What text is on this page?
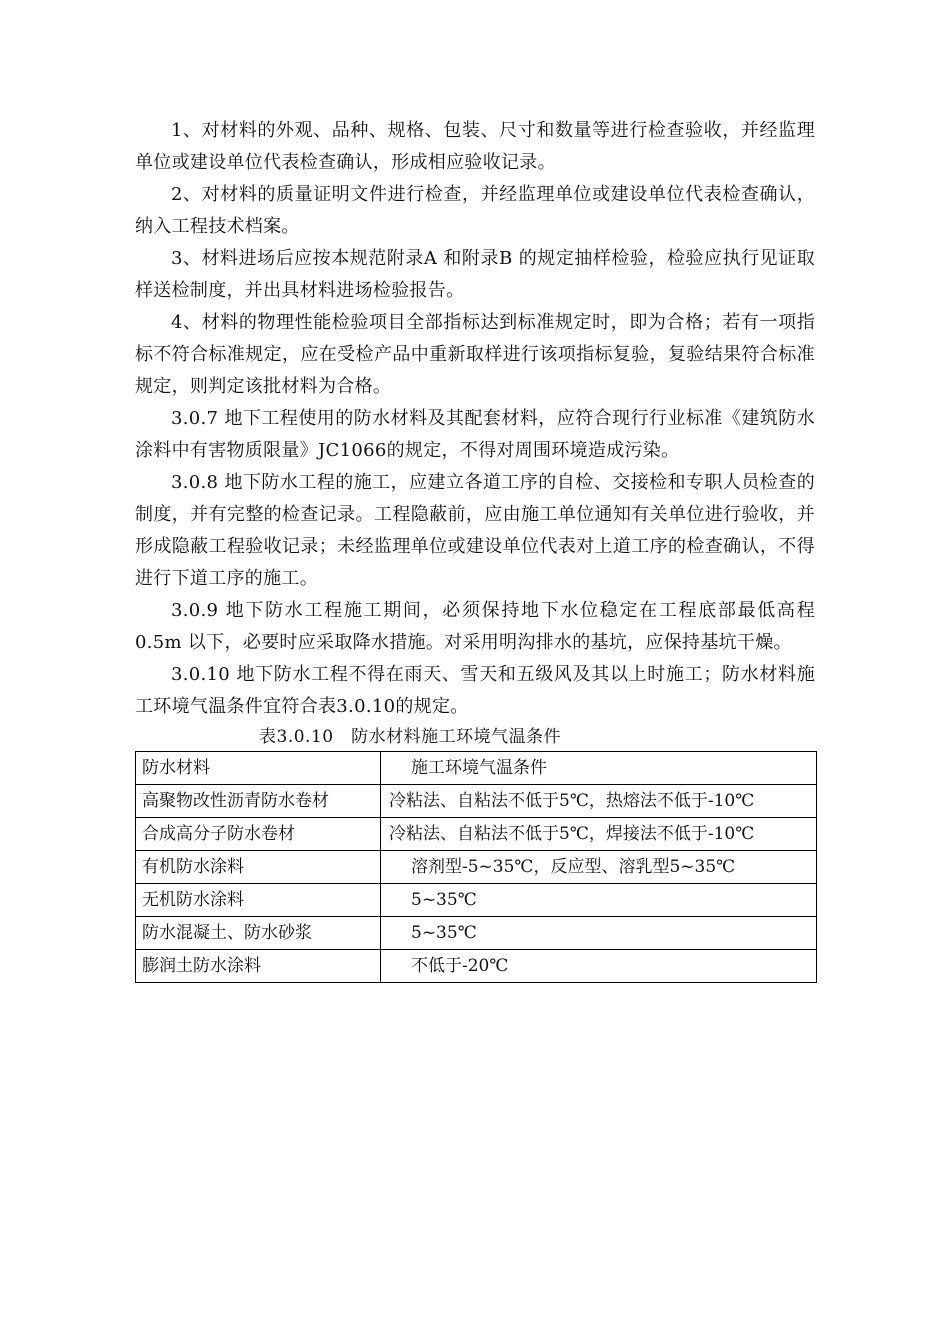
1、对材料的外观、品种、规格、包装、尺寸和数量等进行检查验收，并经监理单位或建设单位代表检查确认，形成相应验收记录。

2、对材料的质量证明文件进行检查，并经监理单位或建设单位代表检查确认，纳入工程技术档案。

3、材料进场后应按本规范附录A 和附录B 的规定抽样检验，检验应执行见证取样送检制度，并出具材料进场检验报告。

4、材料的物理性能检验项目全部指标达到标准规定时，即为合格；若有一项指标不符合标准规定，应在受检产品中重新取样进行该项指标复验，复验结果符合标准规定，则判定该批材料为合格。

3.0.7 地下工程使用的防水材料及其配套材料，应符合现行行业标准《建筑防水涂料中有害物质限量》JC1066的规定，不得对周围环境造成污染。

3.0.8 地下防水工程的施工，应建立各道工序的自检、交接检和专职人员检查的制度，并有完整的检查记录。工程隐蔽前，应由施工单位通知有关单位进行验收，并形成隐蔽工程验收记录；未经监理单位或建设单位代表对上道工序的检查确认，不得进行下道工序的施工。

3.0.9 地下防水工程施工期间，必须保持地下水位稳定在工程底部最低高程0.5m 以下，必要时应采取降水措施。对采用明沟排水的基坑，应保持基坑干燥。

3.0.10 地下防水工程不得在雨天、雪天和五级风及其以上时施工；防水材料施工环境气温条件宜符合表3.0.10的规定。

表3.0.10　防水材料施工环境气温条件
防水材料	施工环境气温条件
高聚物改性沥青防水卷材	冷粘法、自粘法不低于5℃，热熔法不低于-10℃
合成高分子防水卷材	冷粘法、自粘法不低于5℃，焊接法不低于-10℃
有机防水涂料	溶剂型-5~35℃，反应型、溶乳型5~35℃
无机防水涂料	5~35℃
防水混凝土、防水砂浆	5~35℃
膨润土防水涂料	不低于-20℃
